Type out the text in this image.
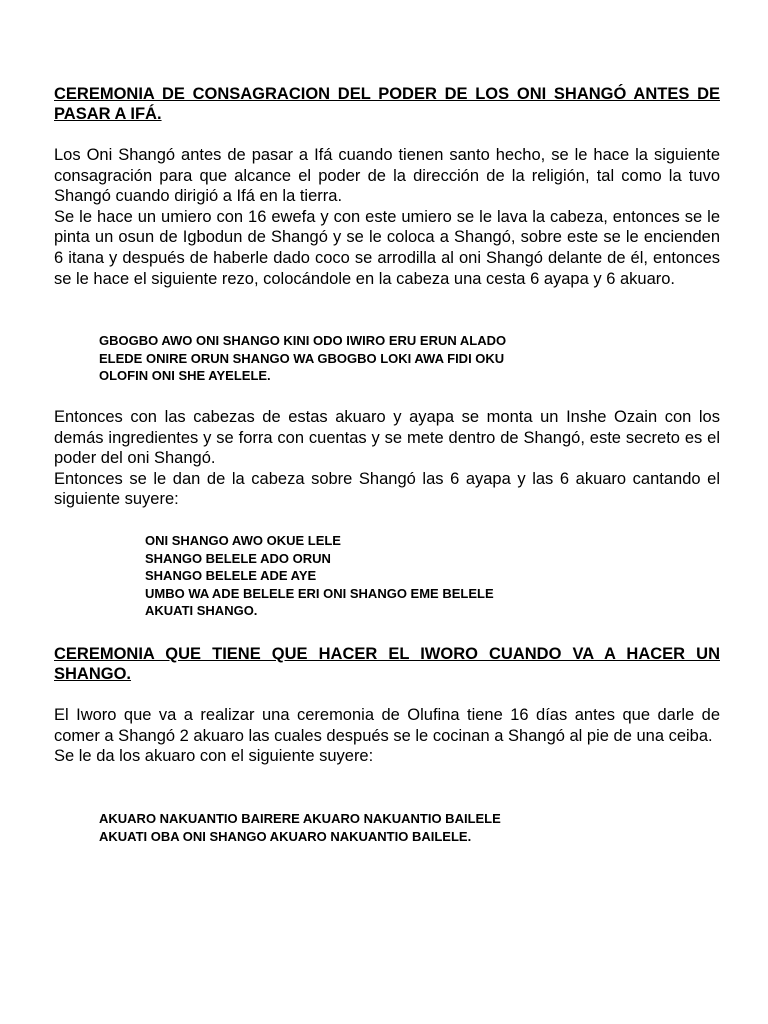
CEREMONIA DE CONSAGRACION DEL PODER DE LOS ONI SHANGÓ ANTES DE PASAR A IFÁ.

Los Oni Shangó antes de pasar a Ifá cuando tienen santo hecho, se le hace la siguiente consagración para que alcance el poder de la dirección de la religión, tal como la tuvo Shangó cuando dirigió a Ifá en la tierra.

Se le hace un umiero con 16 ewefa y con este umiero se le lava la cabeza, entonces se le pinta un osun de Igbodun de Shangó y se le coloca a Shangó, sobre este se le encienden 6 itana y después de haberle dado coco se arrodilla al oni Shangó delante de él, entonces se le hace el siguiente rezo, colocándole en la cabeza una cesta 6 ayapa y 6 akuaro.

GBOGBO AWO ONI SHANGO KINI ODO IWIRO ERU ERUN ALADO
ELEDE ONIRE ORUN SHANGO WA GBOGBO LOKI AWA FIDI OKU
OLOFIN ONI SHE AYELELE.

Entonces con las cabezas de estas akuaro y ayapa se monta un Inshe Ozain con los demás ingredientes y se forra con cuentas y se mete dentro de Shangó, este secreto es el poder del oni Shangó.

Entonces se le dan de la cabeza sobre Shangó las 6 ayapa y las 6 akuaro cantando el siguiente suyere:

ONI SHANGO AWO OKUE LELE
SHANGO BELELE ADO ORUN
SHANGO BELELE ADE AYE
UMBO WA ADE BELELE ERI ONI SHANGO EME BELELE
AKUATI SHANGO.
CEREMONIA QUE TIENE QUE HACER EL IWORO CUANDO VA A HACER UN SHANGO.

El Iworo que va a realizar una ceremonia de Olufina tiene 16 días antes que darle de comer a Shangó 2 akuaro las cuales después se le cocinan a Shangó al pie de una ceiba.

Se le da los akuaro con el siguiente suyere:

AKUARO NAKUANTIO BAIRERE AKUARO NAKUANTIO BAILELE
AKUATI OBA ONI SHANGO AKUARO NAKUANTIO BAILELE.
